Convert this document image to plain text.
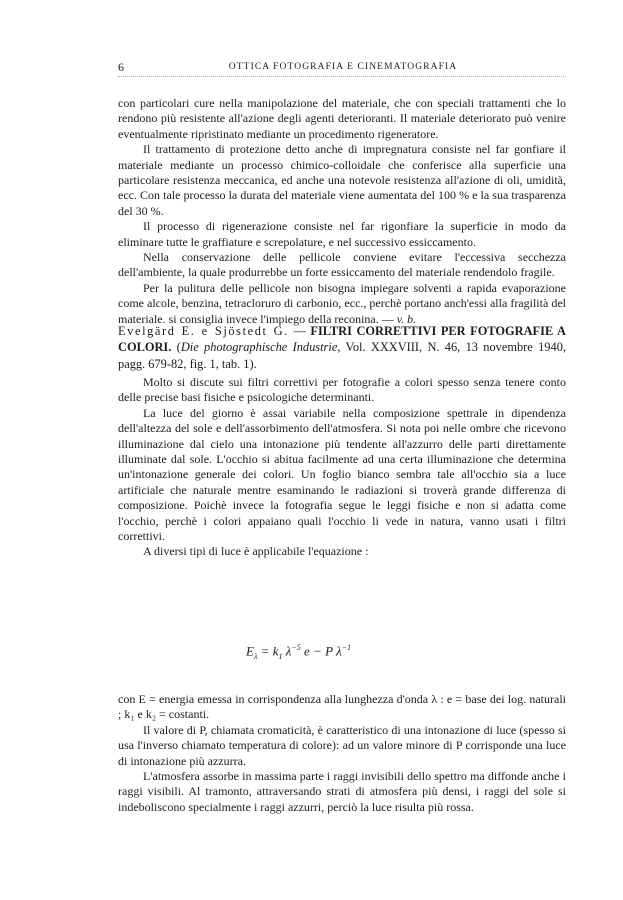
6	OTTICA FOTOGRAFIA E CINEMATOGRAFIA

con particolari cure nella manipolazione del materiale, che con speciali trattamenti che lo rendono più resistente all'azione degli agenti deterioranti. Il materiale deteriorato può venire eventualmente ripristinato mediante un procedimento rigeneratore.

Il trattamento di protezione detto anche di impregnatura consiste nel far gonfiare il materiale mediante un processo chimico-colloidale che conferisce alla superficie una particolare resistenza meccanica, ed anche una notevole resistenza all'azione di oli, umidità, ecc. Con tale processo la durata del materiale viene aumentata del 100 % e la sua trasparenza del 30 %.

Il processo di rigenerazione consiste nel far rigonfiare la superficie in modo da eliminare tutte le graffiature e screpolature, e nel successivo essiccamento.

Nella conservazione delle pellicole conviene evitare l'eccessiva secchezza dell'ambiente, la quale produrrebbe un forte essiccamento del materiale rendendolo fragile.

Per la pulitura delle pellicole non bisogna impiegare solventi a rapida evaporazione come alcole, benzina, tetracloruro di carbonio, ecc., perchè portano anch'essi alla fragilità del materiale. si consiglia invece l'impiego della reconina. — v. b.

Evelgärd E. e Sjöstedt G. — FILTRI CORRETTIVI PER FOTOGRAFIE A COLORI. (Die photographische Industrie, Vol. XXXVIII, N. 46, 13 novembre 1940, pagg. 679-82, fig. 1, tab. 1).

Molto si discute sui filtri correttivi per fotografie a colori spesso senza tenere conto delle precise basi fisiche e psicologiche determinanti.

La luce del giorno è assai variabile nella composizione spettrale in dipendenza dell'altezza del sole e dell'assorbimento dell'atmosfera. Si nota poi nelle ombre che ricevono illuminazione dal cielo una intonazione più tendente all'azzurro delle parti direttamente illuminate dal sole. L'occhio si abitua facilmente ad una certa illuminazione che determina un'intonazione generale dei colori. Un foglio bianco sembra tale all'occhio sia a luce artificiale che naturale mentre esaminando le radiazioni si troverà grande differenza di composizione. Poichè invece la fotografia segue le leggi fisiche e non si adatta come l'occhio, perchè i colori appaiano quali l'occhio li vede in natura, vanno usati i filtri correttivi.

A diversi tipi di luce è applicabile l'equazione :

$E_\lambda = k_1$ $\lambda^{-5}$ e − P $\lambda^{-1}$

con E = energia emessa in corrispondenza alla lunghezza d'onda λ : e = base dei log. naturali ; k₁ e k₂ = costanti.

Il valore di P, chiamata cromaticità, è caratteristico di una intonazione di luce (spesso si usa l'inverso chiamato temperatura di colore): ad un valore minore di P corrisponde una luce di intonazione più azzurra.

L'atmosfera assorbe in massima parte i raggi invisibili dello spettro ma diffonde anche i raggi visibili. Al tramonto, attraversando strati di atmosfera più densi, i raggi del sole si indeboliscono specialmente i raggi azzurri, perciò la luce risulta più rossa.
